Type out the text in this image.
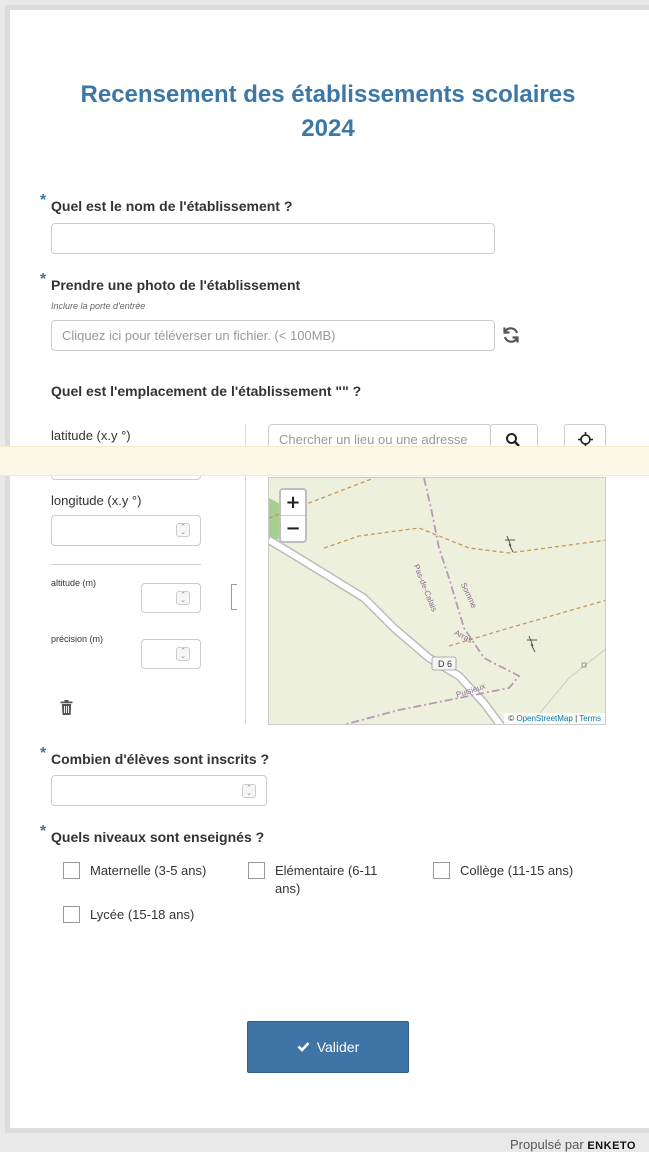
Recensement des établissements scolaires 2024
* Quel est le nom de l'établissement ?
* Prendre une photo de l'établissement
Inclure la porte d'entrée
Cliquez ici pour téléverser un fichier. (< 100MB)
Quel est l'emplacement de l'établissement "" ?
latitude (x.y °)
Chercher un lieu ou une adresse
longitude (x.y °)
⌃
⌄
altitude (m)
⌃
⌄
précision (m)
⌃
⌄
D 6
Pas-de-Calais	Somme
Arras
Puisieux
+
−
© OpenStreetMap | Terms
* Combien d'élèves sont inscrits ?
⌃
⌄
* Quels niveaux sont enseignés ?
Maternelle (3-5 ans)	Elémentaire (6-11 ans)
Collège (11-15 ans)
Lycée (15-18 ans)
Valider
Propulsé par ENKETO
